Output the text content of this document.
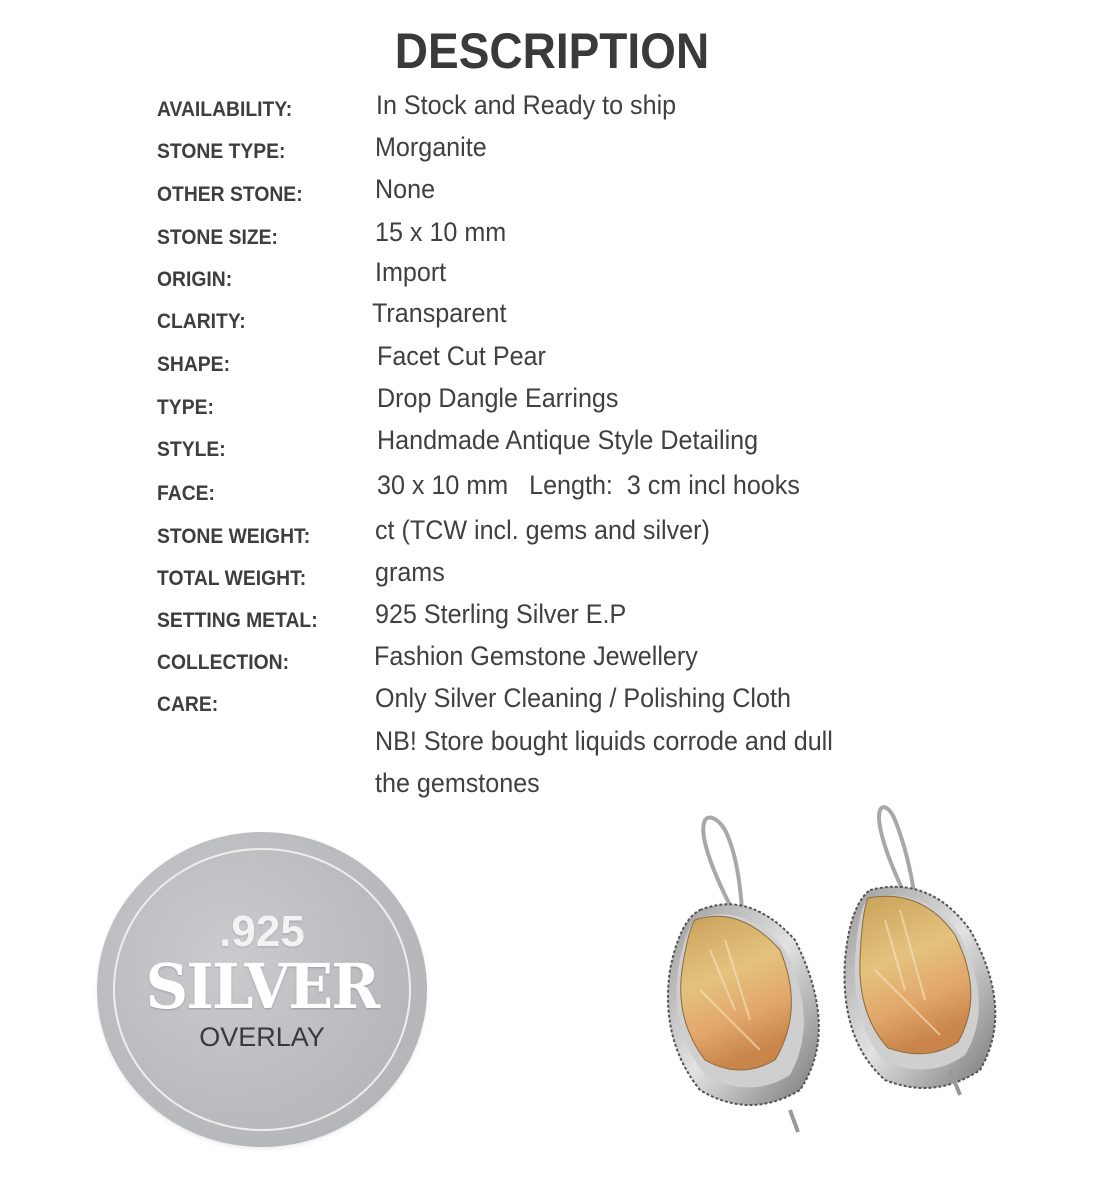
DESCRIPTION
AVAILABILITY:	In Stock and Ready to ship
STONE TYPE:	Morganite
OTHER STONE:	None
STONE SIZE:	15 x 10 mm
ORIGIN:	Import
CLARITY:	Transparent
SHAPE:	Facet Cut Pear
TYPE:	Drop Dangle Earrings
STYLE:	Handmade Antique Style Detailing
FACE:	30 x 10 mm   Length:  3 cm incl hooks
STONE WEIGHT: ct (TCW incl. gems and silver)
TOTAL WEIGHT:	grams
SETTING METAL: 925 Sterling Silver E.P
COLLECTION:	Fashion Gemstone Jewellery
CARE:	Only Silver Cleaning / Polishing Cloth
NB! Store bought liquids corrode and dull
the gemstones
.925
SILVER
OVERLAY
